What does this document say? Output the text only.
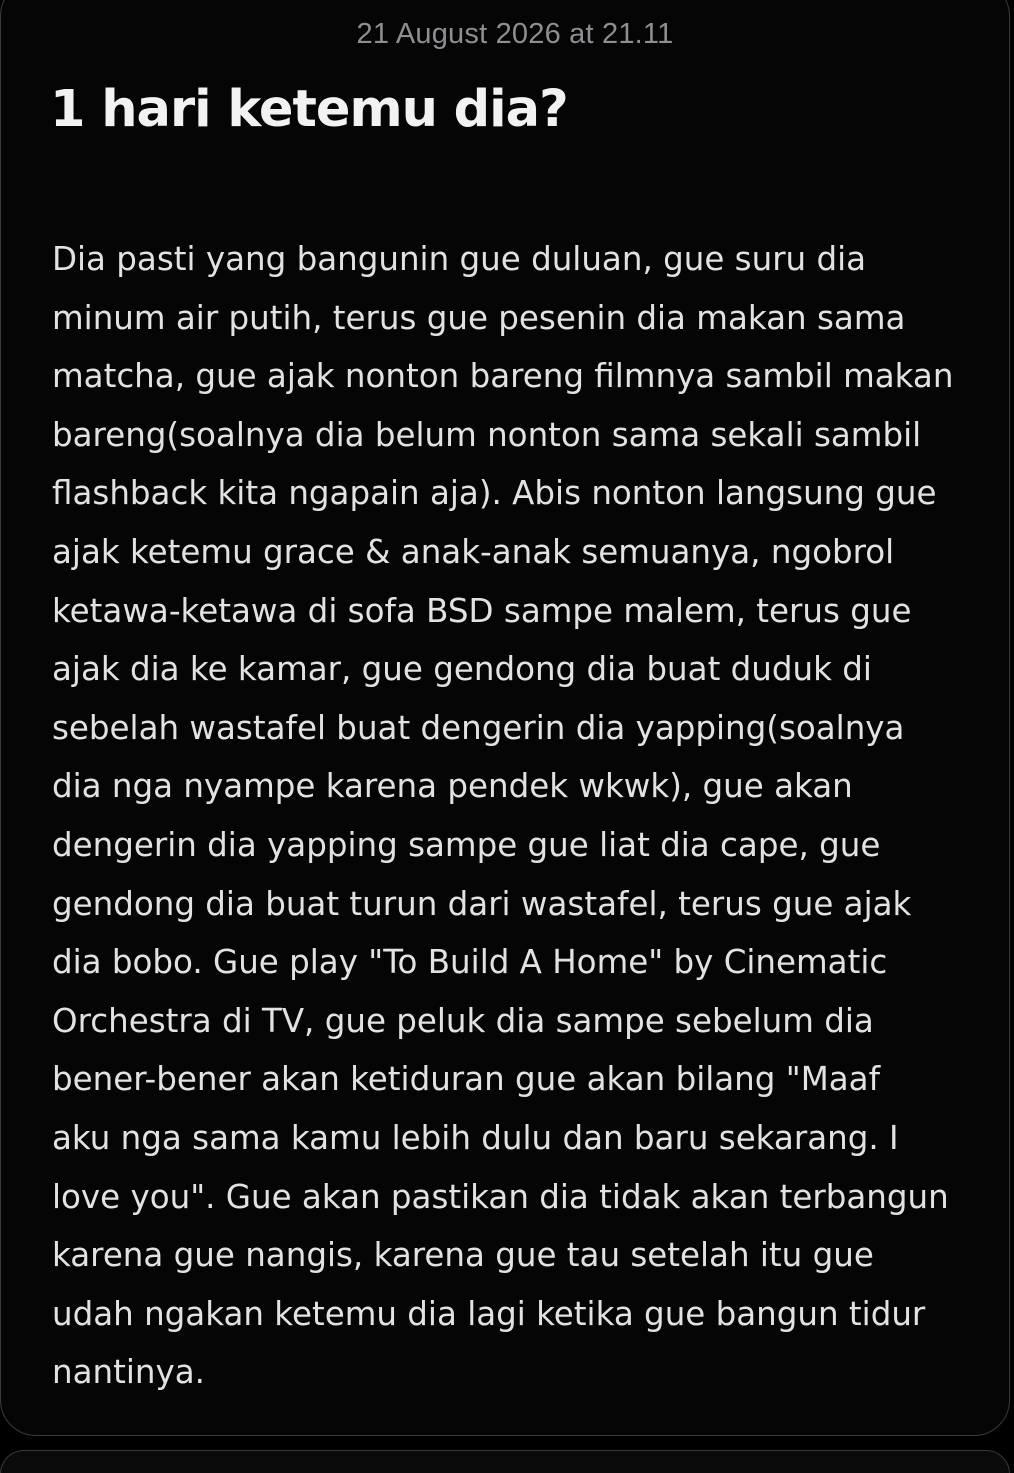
21 August 2026 at 21.11
1 hari ketemu dia?
Dia pasti yang bangunin gue duluan, gue suru dia
minum air putih, terus gue pesenin dia makan sama
matcha, gue ajak nonton bareng filmnya sambil makan
bareng(soalnya dia belum nonton sama sekali sambil
flashback kita ngapain aja). Abis nonton langsung gue
ajak ketemu grace & anak-anak semuanya, ngobrol
ketawa-ketawa di sofa BSD sampe malem, terus gue
ajak dia ke kamar, gue gendong dia buat duduk di
sebelah wastafel buat dengerin dia yapping(soalnya
dia nga nyampe karena pendek wkwk), gue akan
dengerin dia yapping sampe gue liat dia cape, gue
gendong dia buat turun dari wastafel, terus gue ajak
dia bobo. Gue play "To Build A Home" by Cinematic
Orchestra di TV, gue peluk dia sampe sebelum dia
bener-bener akan ketiduran gue akan bilang "Maaf
aku nga sama kamu lebih dulu dan baru sekarang. I
love you". Gue akan pastikan dia tidak akan terbangun
karena gue nangis, karena gue tau setelah itu gue
udah ngakan ketemu dia lagi ketika gue bangun tidur
nantinya.
